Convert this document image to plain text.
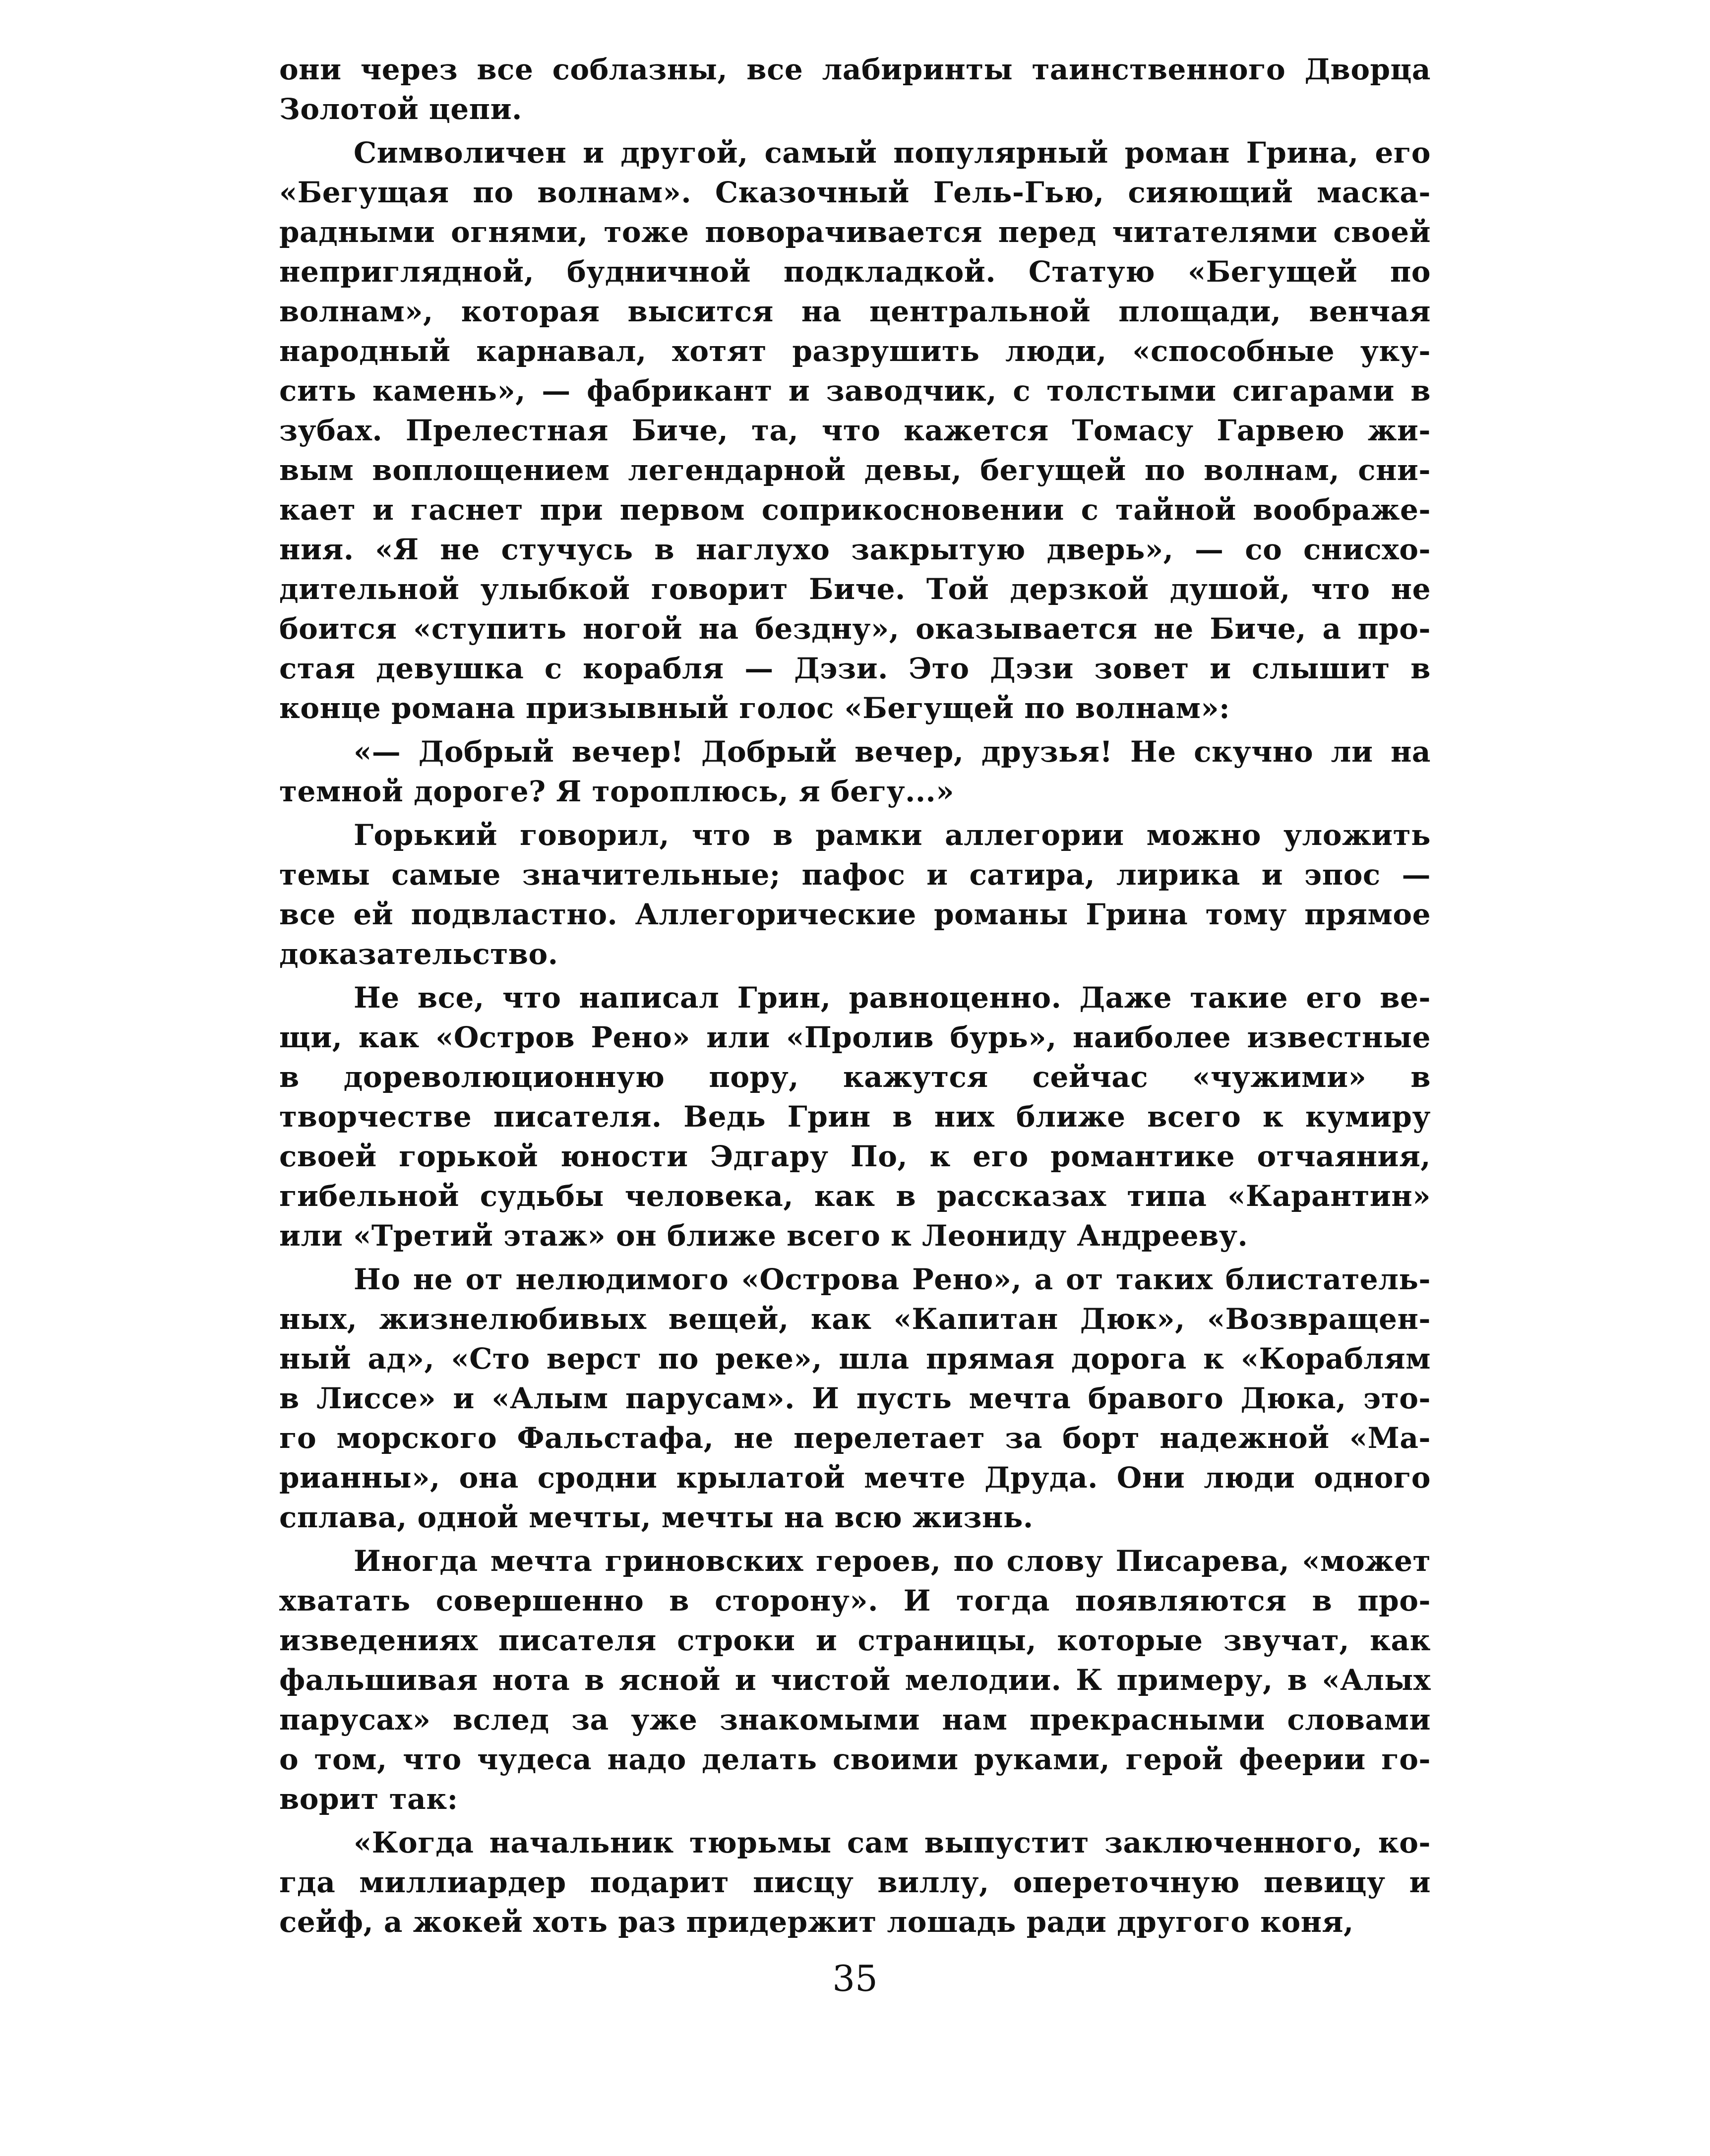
они через все соблазны, все лабиринты таинственного Дворца
Золотой цепи.
Символичен и другой, самый популярный роман Грина, его
«Бегущая по волнам». Сказочный Гель-Гью, сияющий маска-
радными огнями, тоже поворачивается перед читателями своей
неприглядной, будничной подкладкой. Статую «Бегущей по
волнам», которая высится на центральной площади, венчая
народный карнавал, хотят разрушить люди, «способные уку-
сить камень», — фабрикант и заводчик, с толстыми сигарами в
зубах. Прелестная Биче, та, что кажется Томасу Гарвею жи-
вым воплощением легендарной девы, бегущей по волнам, сни-
кает и гаснет при первом соприкосновении с тайной воображе-
ния. «Я не стучусь в наглухо закрытую дверь», — со снисхо-
дительной улыбкой говорит Биче. Той дерзкой душой, что не
боится «ступить ногой на бездну», оказывается не Биче, а про-
стая девушка с корабля — Дэзи. Это Дэзи зовет и слышит в
конце романа призывный голос «Бегущей по волнам»:
«— Добрый вечер! Добрый вечер, друзья! Не скучно ли на
темной дороге? Я тороплюсь, я бегу...»
Горький говорил, что в рамки аллегории можно уложить
темы самые значительные; пафос и сатира, лирика и эпос —
все ей подвластно. Аллегорические романы Грина тому прямое
доказательство.
Не все, что написал Грин, равноценно. Даже такие его ве-
щи, как «Остров Рено» или «Пролив бурь», наиболее известные
в дореволюционную пору, кажутся сейчас «чужими» в
творчестве писателя. Ведь Грин в них ближе всего к кумиру
своей горькой юности Эдгару По, к его романтике отчаяния,
гибельной судьбы человека, как в рассказах типа «Карантин»
или «Третий этаж» он ближе всего к Леониду Андрееву.
Но не от нелюдимого «Острова Рено», а от таких блистатель-
ных, жизнелюбивых вещей, как «Капитан Дюк», «Возвращен-
ный ад», «Сто верст по реке», шла прямая дорога к «Кораблям
в Лиссе» и «Алым парусам». И пусть мечта бравого Дюка, это-
го морского Фальстафа, не перелетает за борт надежной «Ма-
рианны», она сродни крылатой мечте Друда. Они люди одного
сплава, одной мечты, мечты на всю жизнь.
Иногда мечта гриновских героев, по слову Писарева, «может
хватать совершенно в сторону». И тогда появляются в про-
изведениях писателя строки и страницы, которые звучат, как
фальшивая нота в ясной и чистой мелодии. К примеру, в «Алых
парусах» вслед за уже знакомыми нам прекрасными словами
о том, что чудеса надо делать своими руками, герой феерии го-
ворит так:
«Когда начальник тюрьмы сам выпустит заключенного, ко-
гда миллиардер подарит писцу виллу, опереточную певицу и
сейф, а жокей хоть раз придержит лошадь ради другого коня,
35
